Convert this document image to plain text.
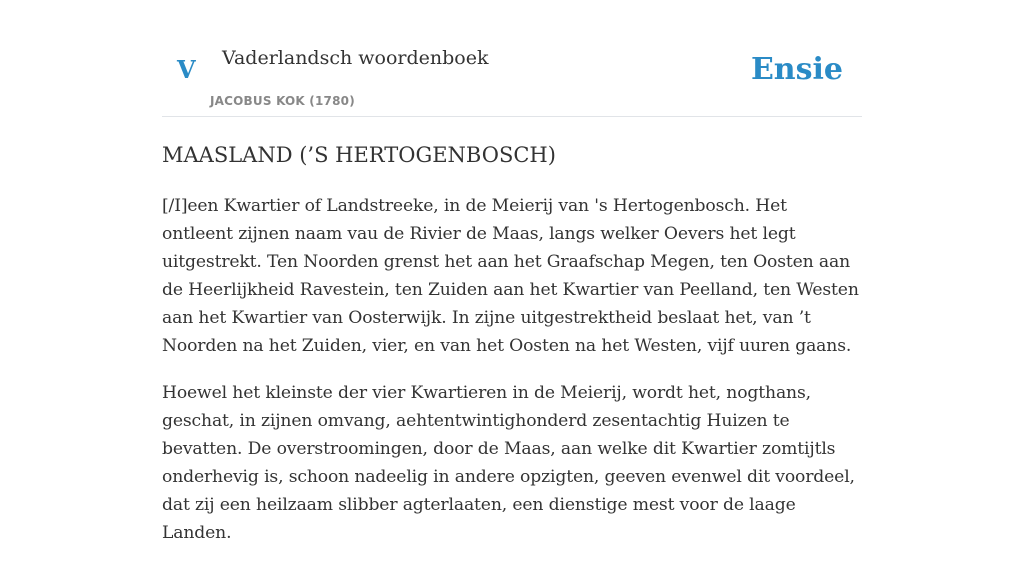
V Vaderlandsch woordenboek
JACOBUS KOK (1780)
Ensie
MAASLAND (’S HERTOGENBOSCH)

[/I]een Kwartier of Landstreeke, in de Meierij van 's Hertogenbosch. Het ontleent zijnen naam vau de Rivier de Maas, langs welker Oevers het legt uitgestrekt. Ten Noorden grenst het aan het Graafschap Megen, ten Oosten aan de Heerlijkheid Ravestein, ten Zuiden aan het Kwartier van Peelland, ten Westen aan het Kwartier van Oosterwijk. In zijne uitgestrektheid beslaat het, van ’t Noorden na het Zuiden, vier, en van het Oosten na het Westen, vijf uuren gaans.

Hoewel het kleinste der vier Kwartieren in de Meierij, wordt het, nogthans, geschat, in zijnen omvang, aehtentwintighonderd zesentachtig Huizen te bevatten. De overstroomingen, door de Maas, aan welke dit Kwartier zomtijtls onderhevig is, schoon nadeelig in andere opzigten, geeven evenwel dit voordeel, dat zij een heilzaam slibber agterlaaten, een dienstige mest voor de laage Landen.
